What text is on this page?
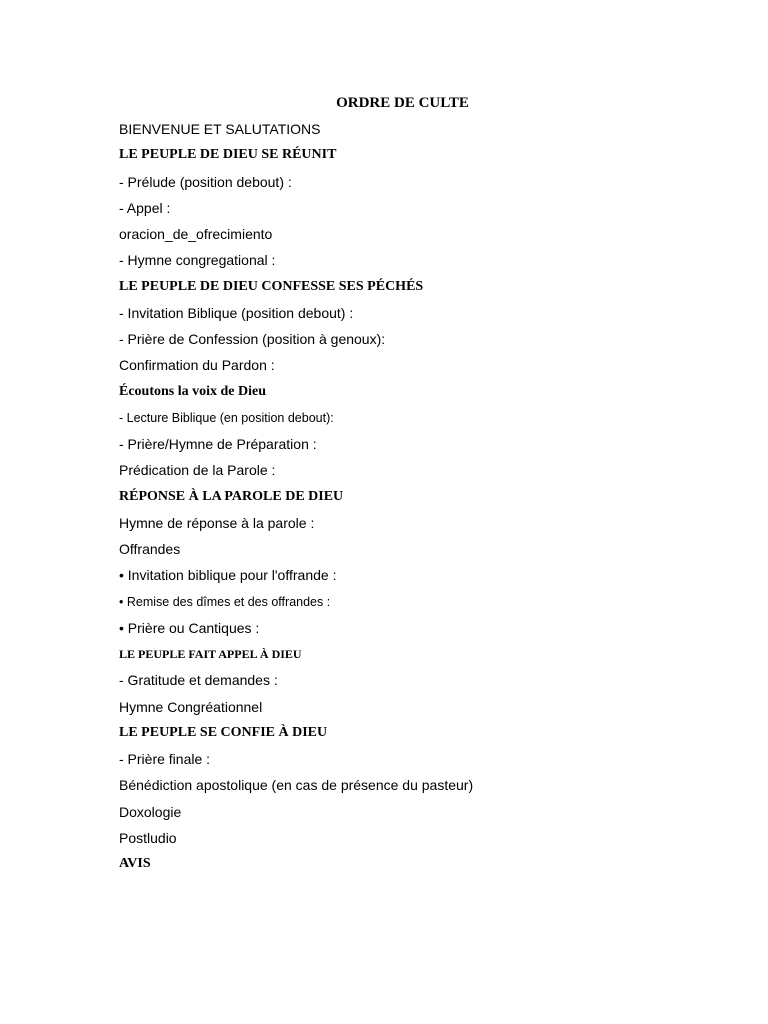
ORDRE DE CULTE

BIENVENUE ET SALUTATIONS

LE PEUPLE DE DIEU SE RÉUNIT

- Prélude (position debout) :

- Appel :

oracion_de_ofrecimiento

- Hymne congregational :

LE PEUPLE DE DIEU CONFESSE SES PÉCHÉS

- Invitation Biblique (position debout) :

- Prière de Confession (position à genoux):

Confirmation du Pardon :

Écoutons la voix de Dieu

- Lecture Biblique (en position debout):

- Prière/Hymne de Préparation :

Prédication de la Parole :

RÉPONSE À LA PAROLE DE DIEU

Hymne de réponse à la parole :

Offrandes

• Invitation biblique pour l'offrande :

• Remise des dîmes et des offrandes :

• Prière ou Cantiques :

LE PEUPLE FAIT APPEL À DIEU

- Gratitude et demandes :

Hymne Congréationnel

LE PEUPLE SE CONFIE À DIEU

- Prière finale :

Bénédiction apostolique (en cas de présence du pasteur)

Doxologie

Postludio

AVIS
